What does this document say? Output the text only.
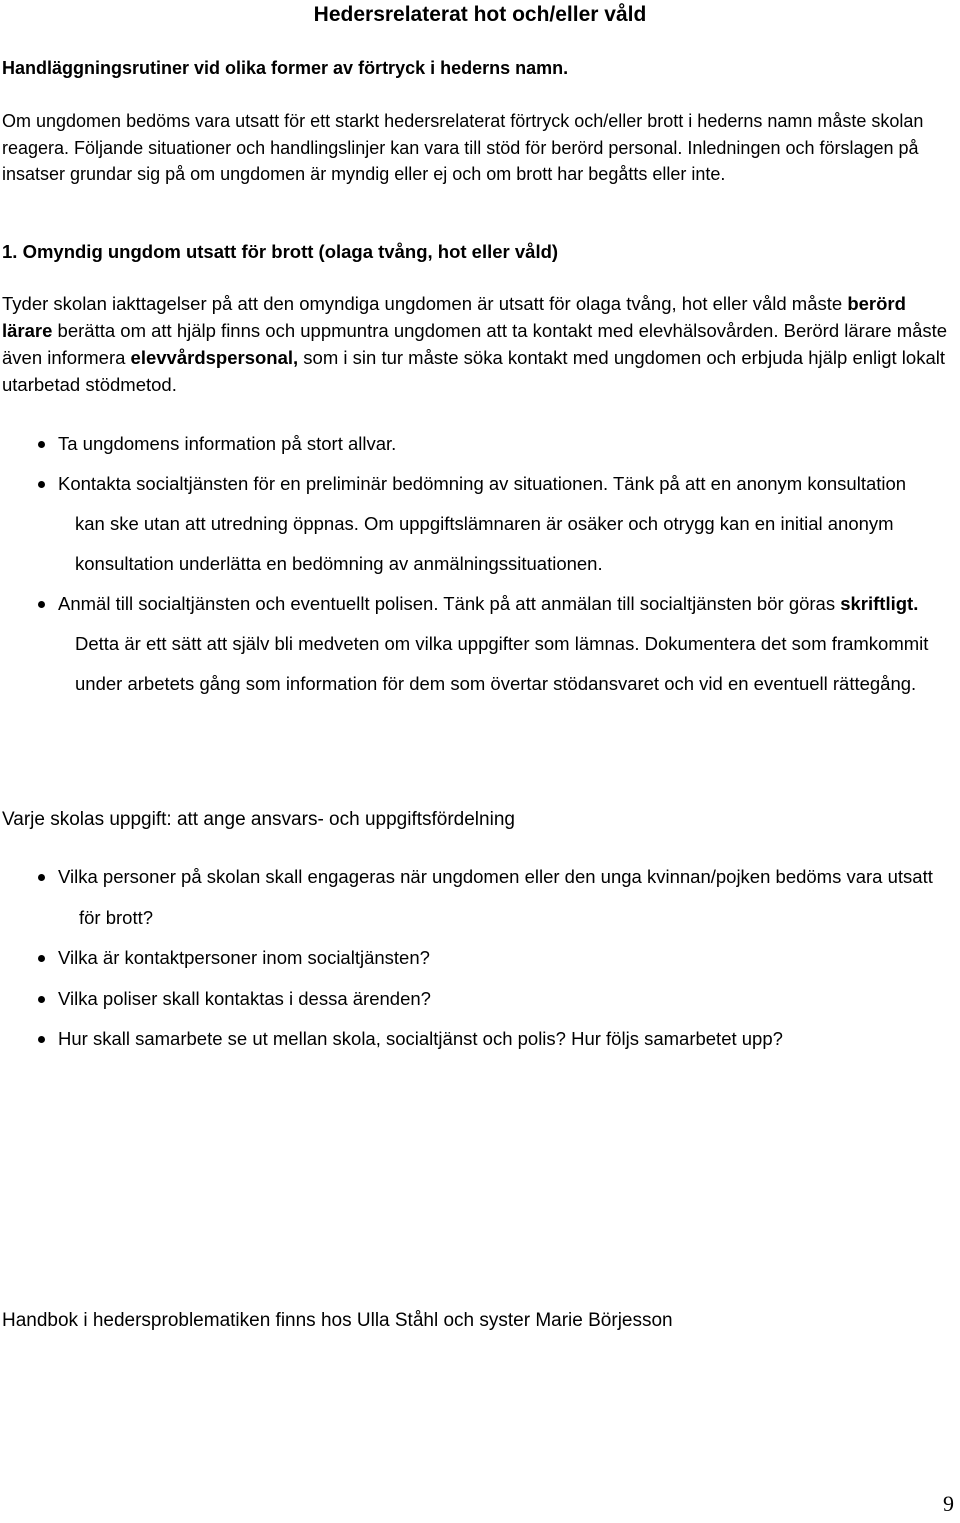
Hedersrelaterat hot och/eller våld
Handläggningsrutiner vid olika former av förtryck i hederns namn.

Om ungdomen bedöms vara utsatt för ett starkt hedersrelaterat förtryck och/eller brott i hederns namn måste skolan reagera. Följande situationer och handlingslinjer kan vara till stöd för berörd personal. Inledningen och förslagen på insatser grundar sig på om ungdomen är myndig eller ej och om brott har begåtts eller inte.

1. Omyndig ungdom utsatt för brott (olaga tvång, hot eller våld)

Tyder skolan iakttagelser på att den omyndiga ungdomen är utsatt för olaga tvång, hot eller våld måste berörd lärare berätta om att hjälp finns och uppmuntra ungdomen att ta kontakt med elevhälsovården. Berörd lärare måste även informera elevvårdspersonal, som i sin tur måste söka kontakt med ungdomen och erbjuda hjälp enligt lokalt utarbetad stödmetod.

Ta ungdomens information på stort allvar.
Kontakta socialtjänsten för en preliminär bedömning av situationen. Tänk på att en anonym konsultation kan ske utan att utredning öppnas. Om uppgiftslämnaren är osäker och otrygg kan en initial anonym konsultation underlätta en bedömning av anmälningssituationen.
Anmäl till socialtjänsten och eventuellt polisen. Tänk på att anmälan till socialtjänsten bör göras skriftligt. Detta är ett sätt att själv bli medveten om vilka uppgifter som lämnas. Dokumentera det som framkommit under arbetets gång som information för dem som övertar stödansvaret och vid en eventuell rättegång.
Varje skolas uppgift: att ange ansvars- och uppgiftsfördelning
Vilka personer på skolan skall engageras när ungdomen eller den unga kvinnan/pojken bedöms vara utsatt för brott?
Vilka är kontaktpersoner inom socialtjänsten?
Vilka poliser skall kontaktas i dessa ärenden?
Hur skall samarbete se ut mellan skola, socialtjänst och polis? Hur följs samarbetet upp?
Handbok i hedersproblematiken finns hos Ulla Ståhl och syster Marie Börjesson
9
